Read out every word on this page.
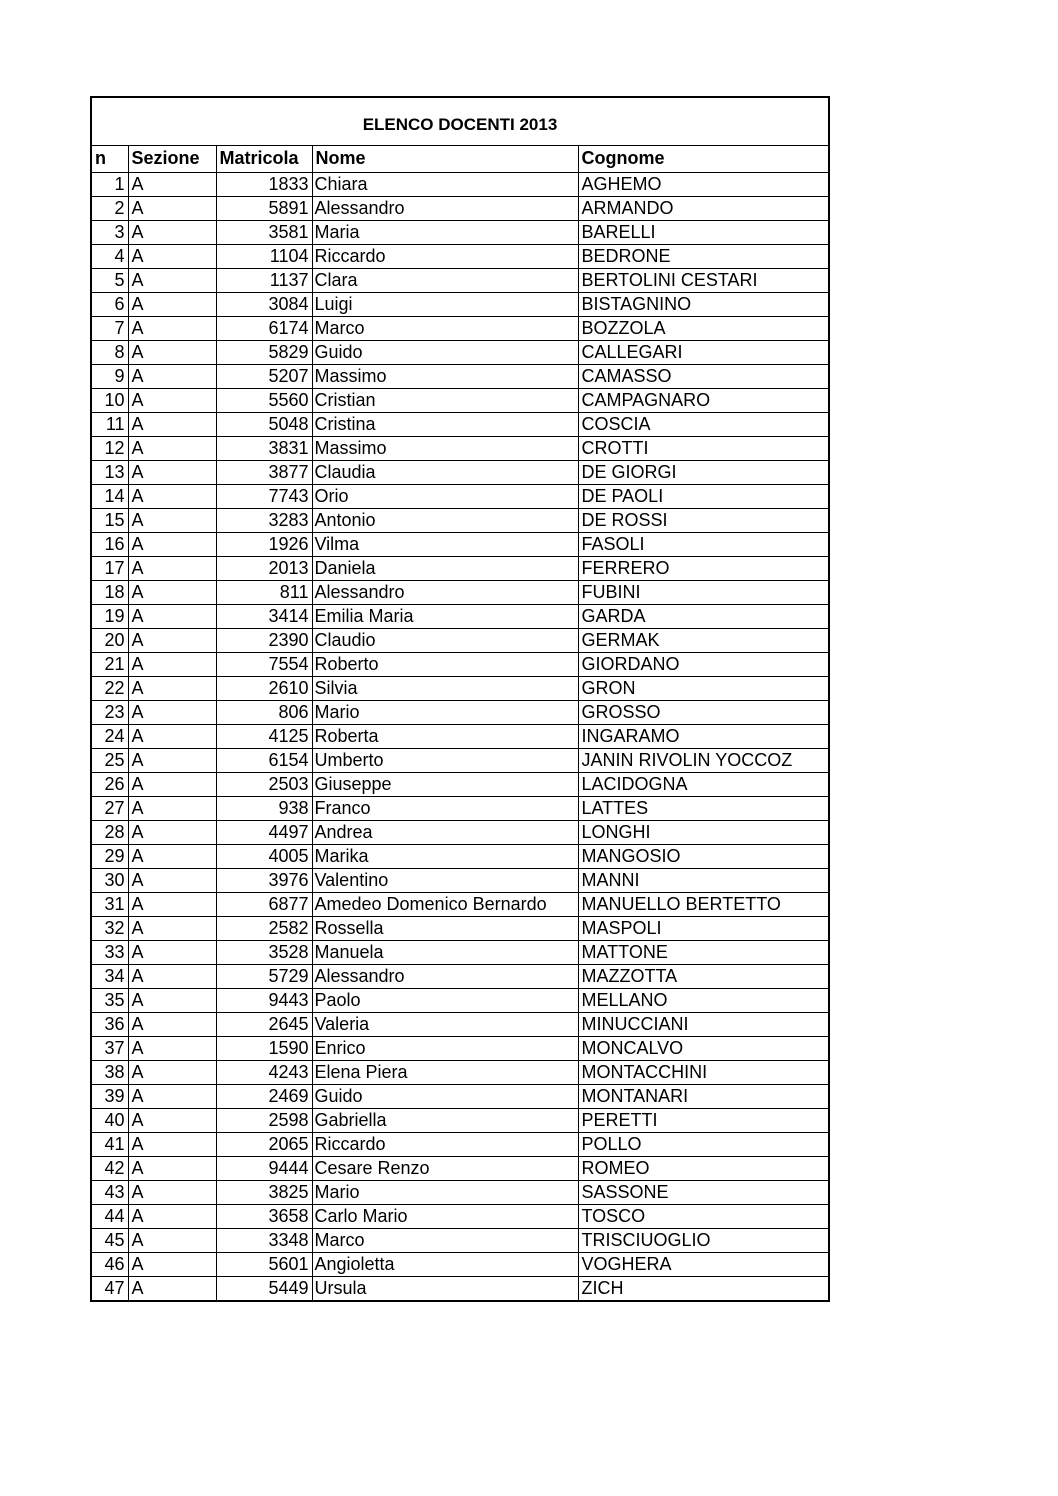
ELENCO DOCENTI 2013
n	Sezione	Matricola	Nome	Cognome
1	A	1833	Chiara	AGHEMO
2	A	5891	Alessandro	ARMANDO
3	A	3581	Maria	BARELLI
4	A	1104	Riccardo	BEDRONE
5	A	1137	Clara	BERTOLINI CESTARI
6	A	3084	Luigi	BISTAGNINO
7	A	6174	Marco	BOZZOLA
8	A	5829	Guido	CALLEGARI
9	A	5207	Massimo	CAMASSO
10	A	5560	Cristian	CAMPAGNARO
11	A	5048	Cristina	COSCIA
12	A	3831	Massimo	CROTTI
13	A	3877	Claudia	DE GIORGI
14	A	7743	Orio	DE PAOLI
15	A	3283	Antonio	DE ROSSI
16	A	1926	Vilma	FASOLI
17	A	2013	Daniela	FERRERO
18	A	811	Alessandro	FUBINI
19	A	3414	Emilia Maria	GARDA
20	A	2390	Claudio	GERMAK
21	A	7554	Roberto	GIORDANO
22	A	2610	Silvia	GRON
23	A	806	Mario	GROSSO
24	A	4125	Roberta	INGARAMO
25	A	6154	Umberto	JANIN RIVOLIN YOCCOZ
26	A	2503	Giuseppe	LACIDOGNA
27	A	938	Franco	LATTES
28	A	4497	Andrea	LONGHI
29	A	4005	Marika	MANGOSIO
30	A	3976	Valentino	MANNI
31	A	6877	Amedeo Domenico Bernardo	MANUELLO BERTETTO
32	A	2582	Rossella	MASPOLI
33	A	3528	Manuela	MATTONE
34	A	5729	Alessandro	MAZZOTTA
35	A	9443	Paolo	MELLANO
36	A	2645	Valeria	MINUCCIANI
37	A	1590	Enrico	MONCALVO
38	A	4243	Elena Piera	MONTACCHINI
39	A	2469	Guido	MONTANARI
40	A	2598	Gabriella	PERETTI
41	A	2065	Riccardo	POLLO
42	A	9444	Cesare Renzo	ROMEO
43	A	3825	Mario	SASSONE
44	A	3658	Carlo Mario	TOSCO
45	A	3348	Marco	TRISCIUOGLIO
46	A	5601	Angioletta	VOGHERA
47	A	5449	Ursula	ZICH
